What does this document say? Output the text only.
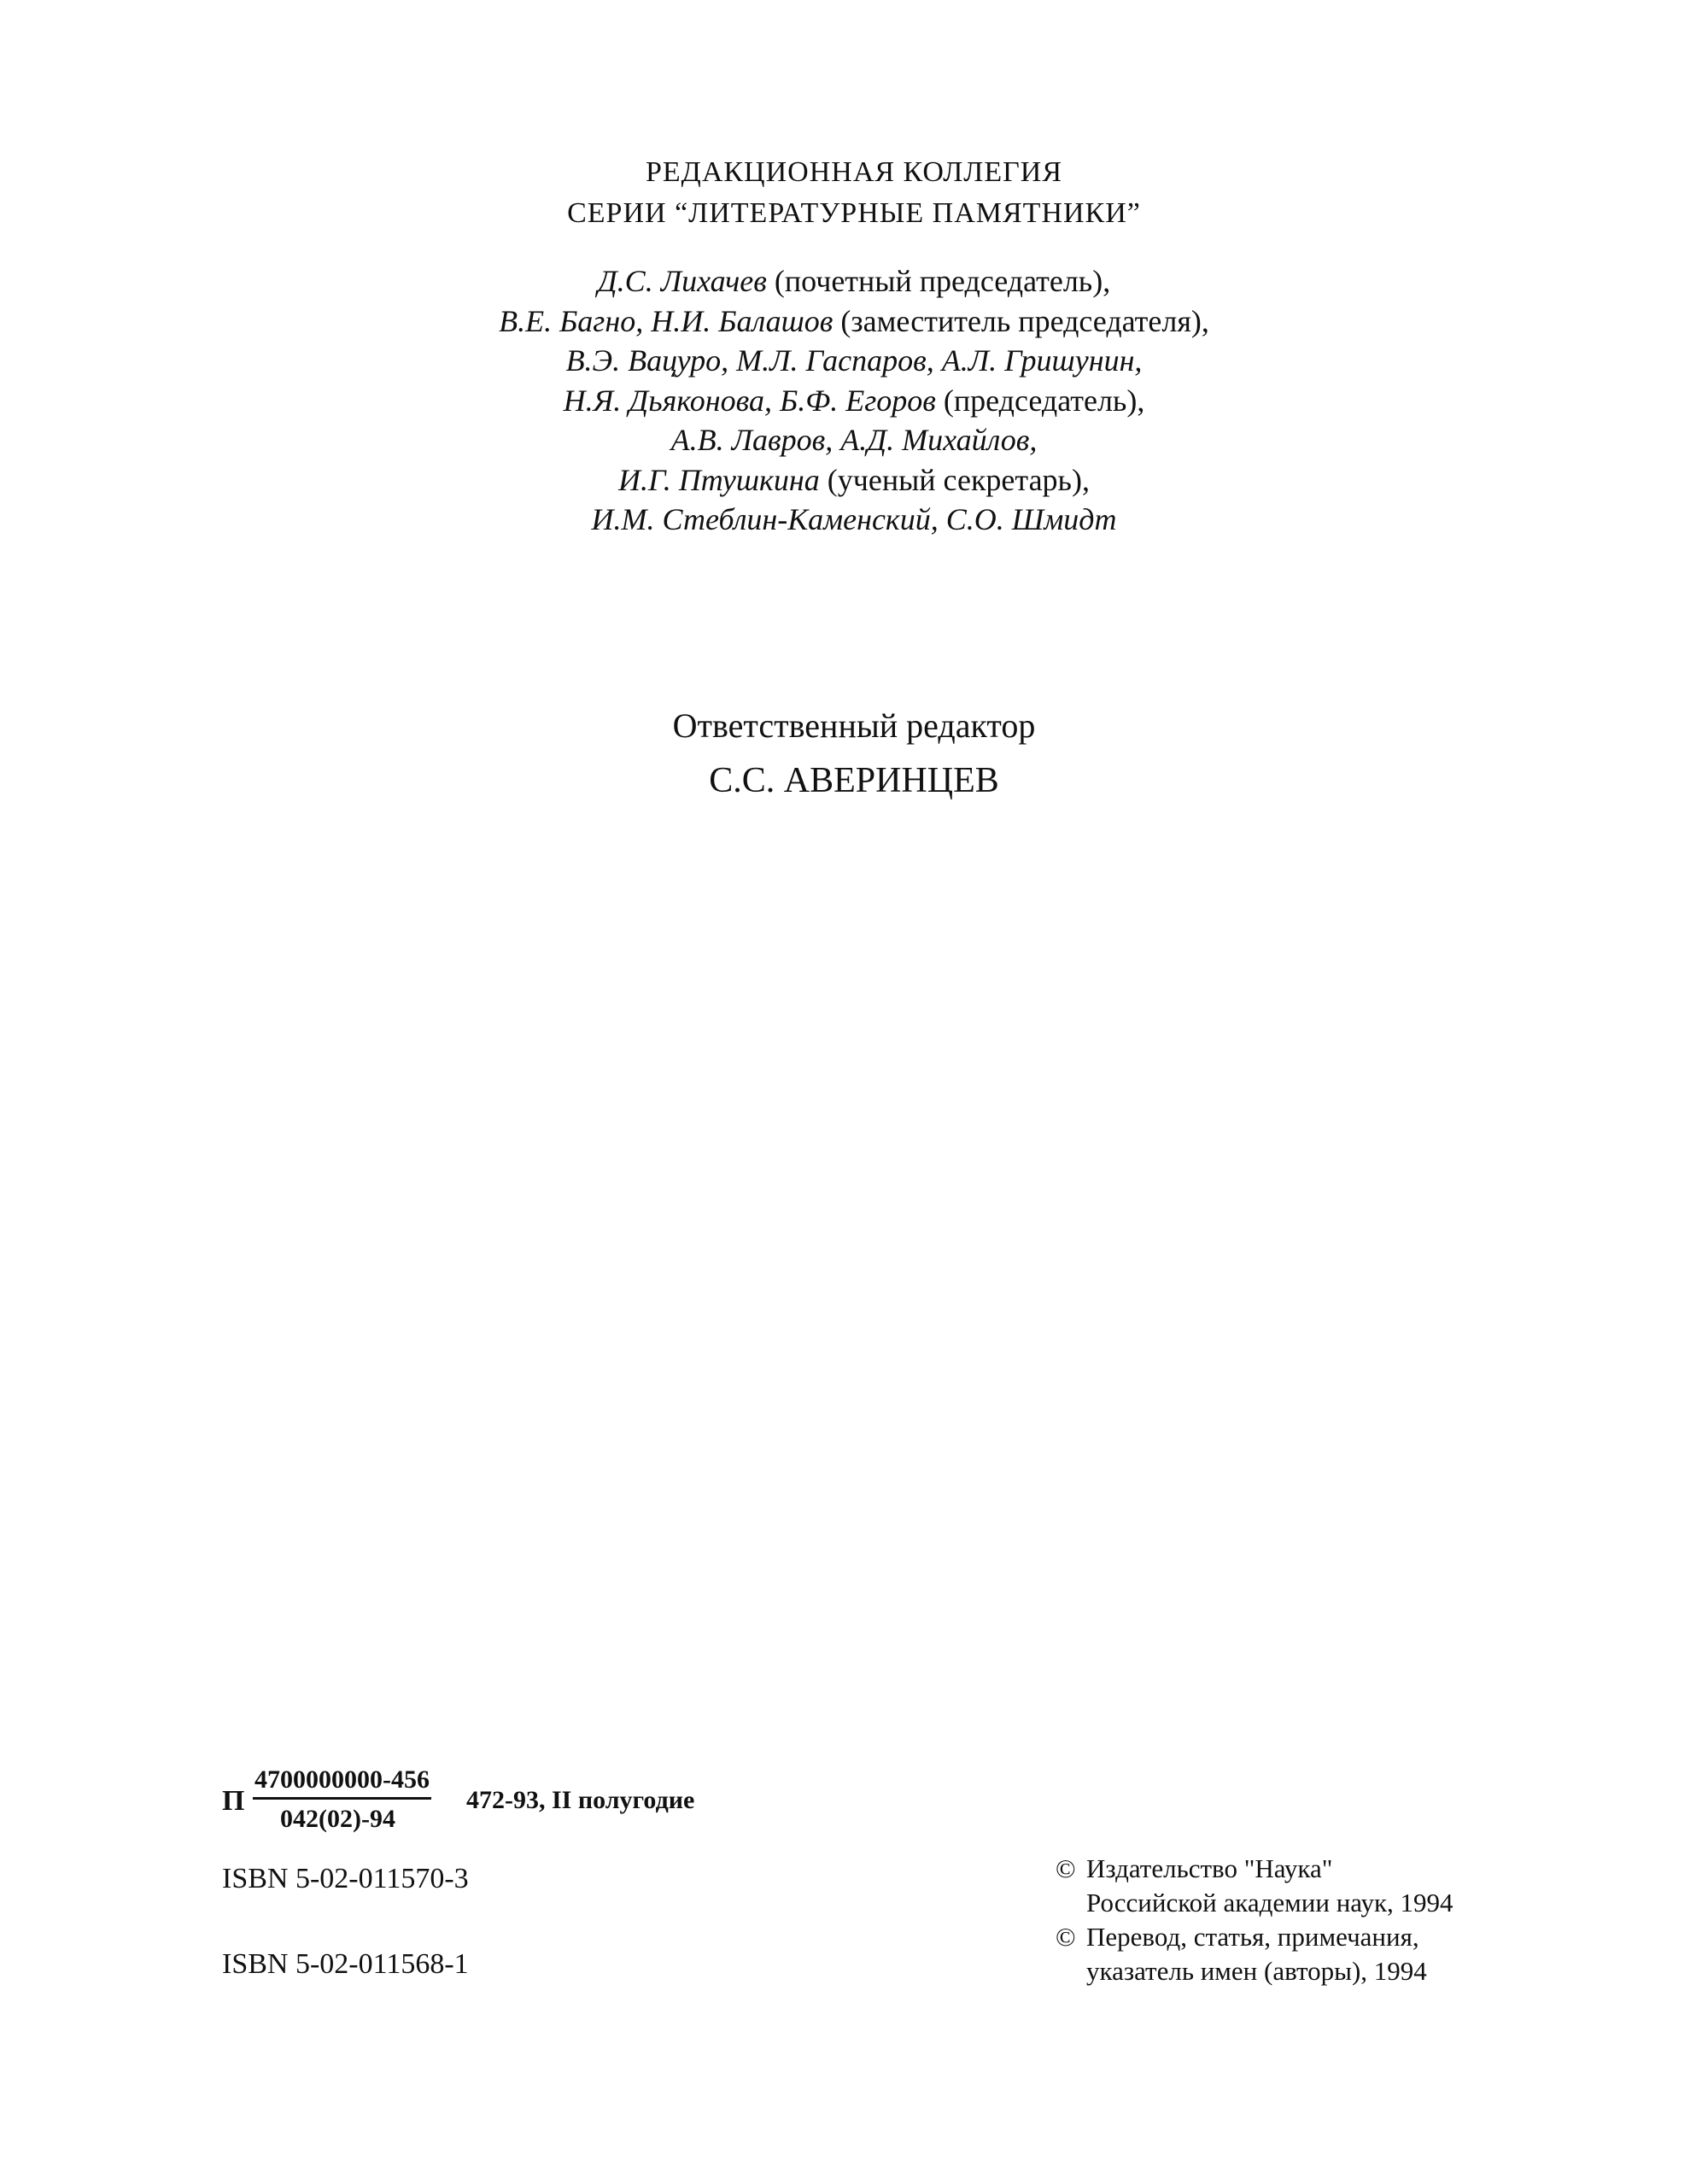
РЕДАКЦИОННАЯ КОЛЛЕГИЯ
СЕРИИ “ЛИТЕРАТУРНЫЕ ПАМЯТНИКИ”
Д.С. Лихачев (почетный председатель),
В.Е. Багно, Н.И. Балашов (заместитель председателя),
В.Э. Вацуро, М.Л. Гаспаров, А.Л. Гришунин,
Н.Я. Дьяконова, Б.Ф. Егоров (председатель),
А.В. Лавров, А.Д. Михайлов,
И.Г. Птушкина (ученый секретарь),
И.М. Стеблин-Каменский, С.О. Шмидт
Ответственный редактор
С.С. АВЕРИНЦЕВ
П
4700000000-456
042(02)-94
472-93, II полугодие
ISBN 5-02-011570-3
ISBN 5-02-011568-1
© Издательство "Наука"
Российской академии наук, 1994
© Перевод, статья, примечания,
указатель имен (авторы), 1994
